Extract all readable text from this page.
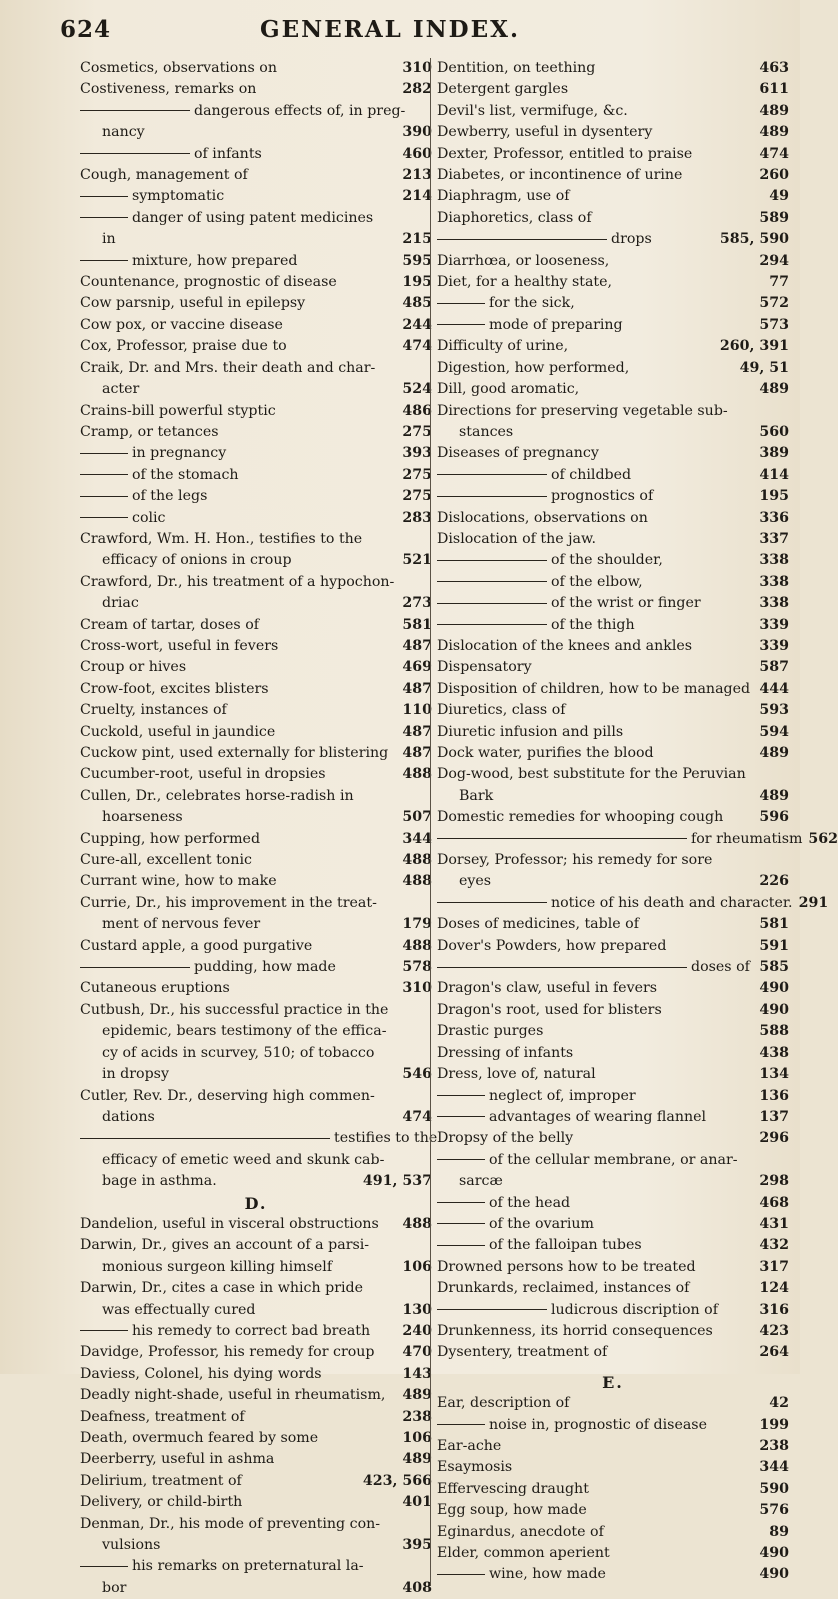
624	GENERAL INDEX.
Cosmetics, observations on	310
Costiveness, remarks on	282
dangerous effects of, in preg-
nancy	390
of infants	460
Cough, management of	213
symptomatic	214
danger of using patent medicines
in	215
mixture, how prepared	595
Countenance, prognostic of disease	195
Cow parsnip, useful in epilepsy	485
Cow pox, or vaccine disease	244
Cox, Professor, praise due to	474
Craik, Dr. and Mrs. their death and char-
acter	524
Crains-bill powerful styptic	486
Cramp, or tetances	275
in pregnancy	393
of the stomach	275
of the legs	275
colic	283
Crawford, Wm. H. Hon., testifies to the
efficacy of onions in croup	521
Crawford, Dr., his treatment of a hypochon-
driac	273
Cream of tartar, doses of	581
Cross-wort, useful in fevers	487
Croup or hives	469
Crow-foot, excites blisters	487
Cruelty, instances of	110
Cuckold, useful in jaundice	487
Cuckow pint, used externally for blistering 487
Cucumber-root, useful in dropsies	488
Cullen, Dr., celebrates horse-radish in
hoarseness	507
Cupping, how performed	344
Cure-all, excellent tonic	488
Currant wine, how to make	488
Currie, Dr., his improvement in the treat-
ment of nervous fever	179
Custard apple, a good purgative	488
pudding, how made	578
Cutaneous eruptions	310
Cutbush, Dr., his successful practice in the
epidemic, bears testimony of the effica-
cy of acids in scurvey, 510; of tobacco
in dropsy	546
Cutler, Rev. Dr., deserving high commen-
dations	474
testifies to the
efficacy of emetic weed and skunk cab-
bage in asthma.	491, 537
D.
Dandelion, useful in visceral obstructions	488
Darwin, Dr., gives an account of a parsi-
monious surgeon killing himself	106
Darwin, Dr., cites a case in which pride
was effectually cured	130
his remedy to correct bad breath	240
Davidge, Professor, his remedy for croup	470
Daviess, Colonel, his dying words	143
Deadly night-shade, useful in rheumatism,	489
Deafness, treatment of	238
Death, overmuch feared by some	106
Deerberry, useful in ashma	489
Delirium, treatment of	423, 566
Delivery, or child-birth	401
Denman, Dr., his mode of preventing con-
vulsions	395
his remarks on preternatural la-
bor	408
Dentition, on teething	463
Detergent gargles	611
Devil's list, vermifuge, &c.	489
Dewberry, useful in dysentery	489
Dexter, Professor, entitled to praise	474
Diabetes, or incontinence of urine	260
Diaphragm, use of	49
Diaphoretics, class of	589
drops	585, 590
Diarrhœa, or looseness,	294
Diet, for a healthy state,	77
for the sick,	572
mode of preparing	573
Difficulty of urine,	260, 391
Digestion, how performed,	49, 51
Dill, good aromatic,	489
Directions for preserving vegetable sub-
stances	560
Diseases of pregnancy	389
of childbed	414
prognostics of	195
Dislocations, observations on	336
Dislocation of the jaw.	337
of the shoulder,	338
of the elbow,	338
of the wrist or finger	338
of the thigh	339
Dislocation of the knees and ankles	339
Dispensatory	587
Disposition of children, how to be managed 444
Diuretics, class of	593
Diuretic infusion and pills	594
Dock water, purifies the blood	489
Dog-wood, best substitute for the Peruvian
Bark	489
Domestic remedies for whooping cough	596
for rheumatism 562
Dorsey, Professor; his remedy for sore
eyes	226
notice of his death and character. 291
Doses of medicines, table of	581
Dover's Powders, how prepared	591
doses of 585
Dragon's claw, useful in fevers	490
Dragon's root, used for blisters	490
Drastic purges	588
Dressing of infants	438
Dress, love of, natural	134
neglect of, improper	136
advantages of wearing flannel	137
Dropsy of the belly	296
of the cellular membrane, or anar-
sarcæ	298
of the head	468
of the ovarium	431
of the falloipan tubes	432
Drowned persons how to be treated	317
Drunkards, reclaimed, instances of	124
ludicrous discription of	316
Drunkenness, its horrid consequences	423
Dysentery, treatment of	264
E.
Ear, description of	42
noise in, prognostic of disease	199
Ear-ache	238
Esaymosis	344
Effervescing draught	590
Egg soup, how made	576
Eginardus, anecdote of	89
Elder, common aperient	490
wine, how made	490
